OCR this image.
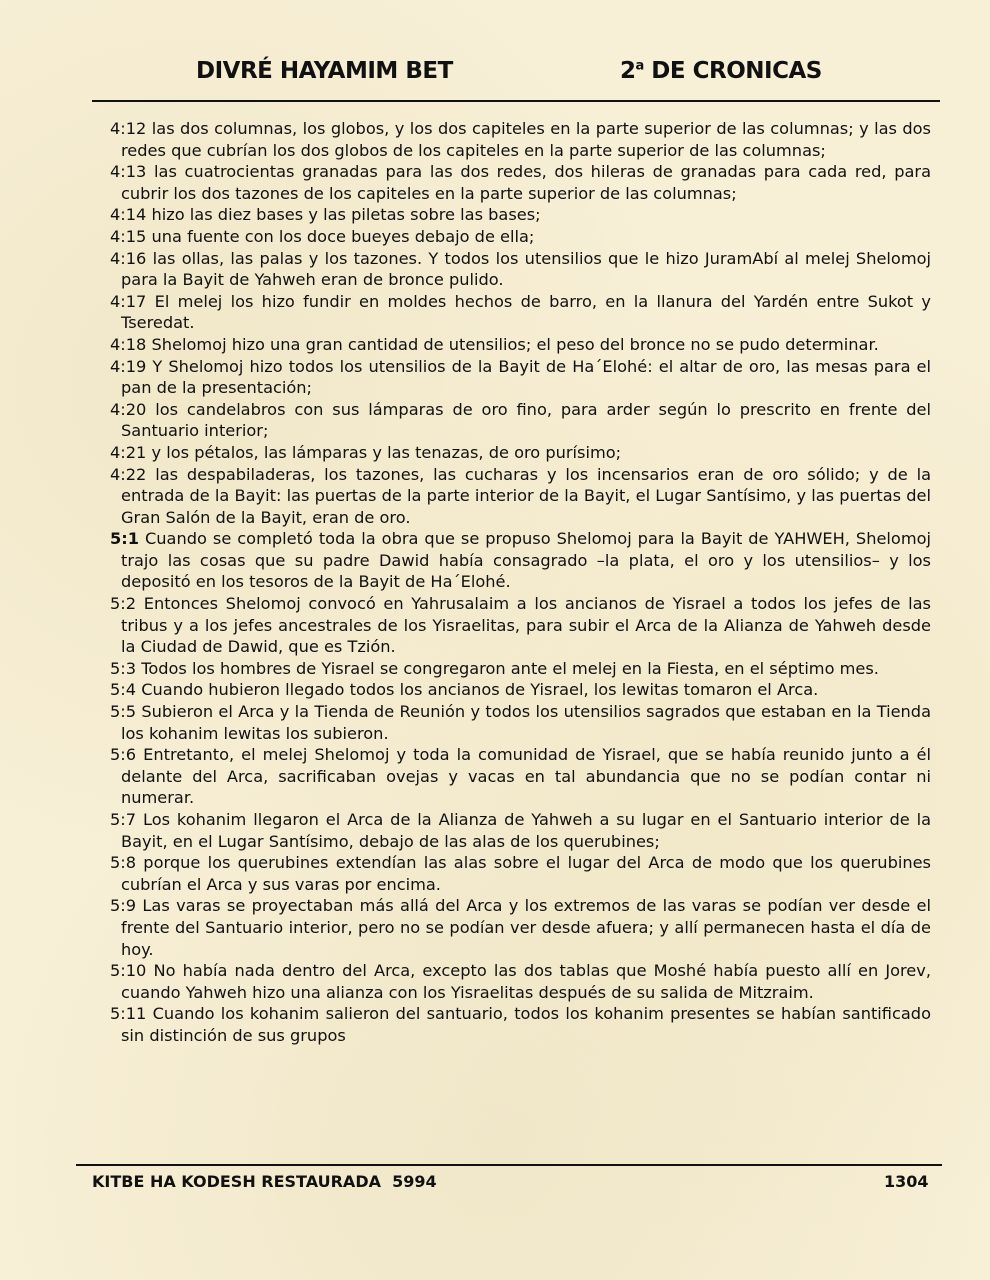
DIVRÉ HAYAMIM BET	2$^a$ DE CRONICAS

4:12 las dos columnas, los globos, y los dos capiteles en la parte superior de las columnas; y las dos redes que cubrían los dos globos de los capiteles en la parte superior de las columnas;

4:13 las cuatrocientas granadas para las dos redes, dos hileras de granadas para cada red, para cubrir los dos tazones de los capiteles en la parte superior de las columnas;

4:14 hizo las diez bases y las piletas sobre las bases;

4:15 una fuente con los doce bueyes debajo de ella;

4:16 las ollas, las palas y los tazones. Y todos los utensilios que le hizo JuramAbí al melej Shelomoj para la Bayit de Yahweh eran de bronce pulido.

4:17 El melej los hizo fundir en moldes hechos de barro, en la llanura del Yardén entre Sukot y Tseredat.

4:18 Shelomoj hizo una gran cantidad de utensilios; el peso del bronce no se pudo determinar.

4:19 Y Shelomoj hizo todos los utensilios de la Bayit de Ha´Elohé: el altar de oro, las mesas para el pan de la presentación;

4:20 los candelabros con sus lámparas de oro fino, para arder según lo prescrito en frente del Santuario interior;

4:21 y los pétalos, las lámparas y las tenazas, de oro purísimo;

4:22 las despabiladeras, los tazones, las cucharas y los incensarios eran de oro sólido; y de la entrada de la Bayit: las puertas de la parte interior de la Bayit, el Lugar Santísimo, y las puertas del Gran Salón de la Bayit, eran de oro.

5:1 Cuando se completó toda la obra que se propuso Shelomoj para la Bayit de YAHWEH, Shelomoj trajo las cosas que su padre Dawid había consagrado –la plata, el oro y los utensilios– y los depositó en los tesoros de la Bayit de Ha´Elohé.

5:2 Entonces Shelomoj convocó en Yahrusalaim a los ancianos de Yisrael a todos los jefes de las tribus y a los jefes ancestrales de los Yisraelitas, para subir el Arca de la Alianza de Yahweh desde la Ciudad de Dawid, que es Tzión.

5:3 Todos los hombres de Yisrael se congregaron ante el melej en la Fiesta, en el séptimo mes.

5:4 Cuando hubieron llegado todos los ancianos de Yisrael, los lewitas tomaron el Arca.

5:5 Subieron el Arca y la Tienda de Reunión y todos los utensilios sagrados que estaban en la Tienda los kohanim lewitas los subieron.

5:6 Entretanto, el melej Shelomoj y toda la comunidad de Yisrael, que se había reunido junto a él delante del Arca, sacrificaban ovejas y vacas en tal abundancia que no se podían contar ni numerar.

5:7 Los kohanim llegaron el Arca de la Alianza de Yahweh a su lugar en el Santuario interior de la Bayit, en el Lugar Santísimo, debajo de las alas de los querubines;

5:8 porque los querubines extendían las alas sobre el lugar del Arca de modo que los querubines cubrían el Arca y sus varas por encima.

5:9 Las varas se proyectaban más allá del Arca y los extremos de las varas se podían ver desde el frente del Santuario interior, pero no se podían ver desde afuera; y allí permanecen hasta el día de hoy.

5:10 No había nada dentro del Arca, excepto las dos tablas que Moshé había puesto allí en Jorev, cuando Yahweh hizo una alianza con los Yisraelitas después de su salida de Mitzraim.

5:11 Cuando los kohanim salieron del santuario, todos los kohanim presentes se habían santificado sin distinción de sus grupos

KITBE HA KODESH RESTAURADA  5994	1304
